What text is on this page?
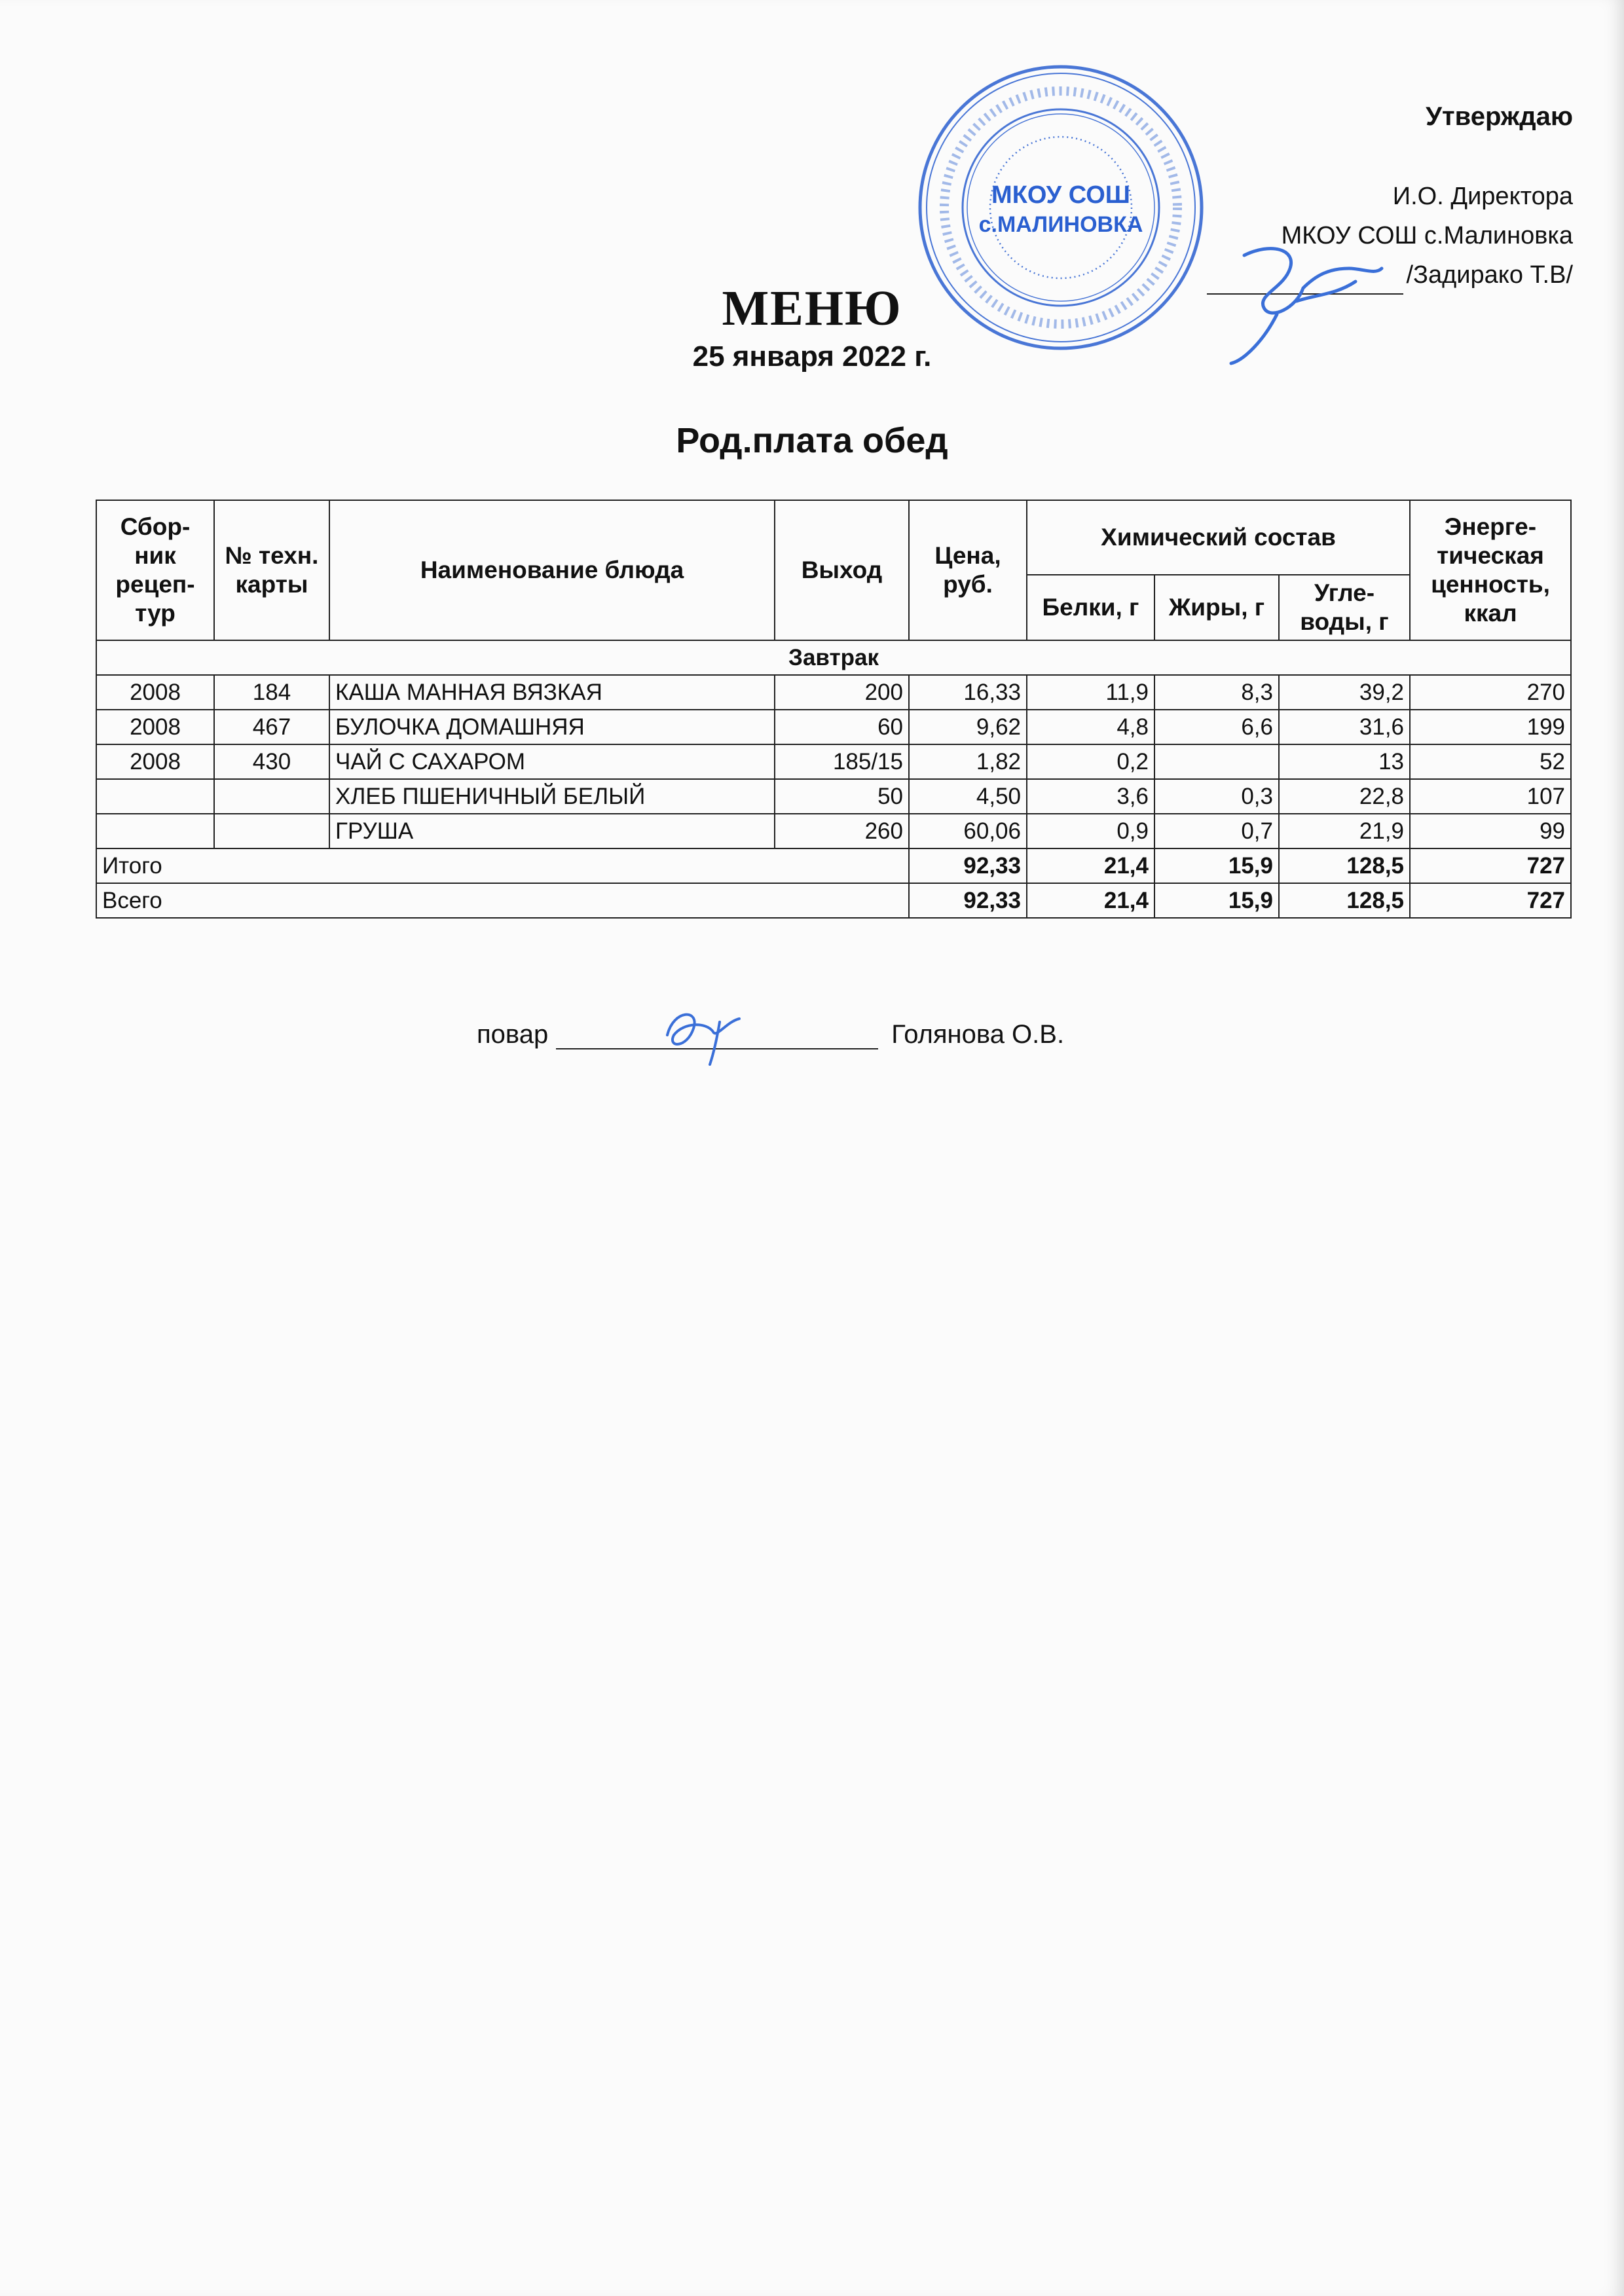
МКОУ СОШ
с.МАЛИНОВКА
Утверждаю
И.О. Директора
МКОУ СОШ с.Малиновка
/Задирако Т.В/
МЕНЮ
25 января 2022 г.
Род.плата обед
Сбор-ник рецеп-тур	№ техн. карты	Наименование блюда	Выход	Цена, руб.	Химический состав			Энерге-тическая ценность, ккал
					Белки, г	Жиры, г	Угле-воды, г	
Завтрак								
2008	184	КАША МАННАЯ ВЯЗКАЯ	200	16,33	11,9	8,3	39,2	270
2008	467	БУЛОЧКА ДОМАШНЯЯ	60	9,62	4,8	6,6	31,6	199
2008	430	ЧАЙ С САХАРОМ	185/15	1,82	0,2		13	52
		ХЛЕБ ПШЕНИЧНЫЙ БЕЛЫЙ	50	4,50	3,6	0,3	22,8	107
		ГРУША	260	60,06	0,9	0,7	21,9	99
Итого				92,33	21,4	15,9	128,5	727
Всего				92,33	21,4	15,9	128,5	727
повар	Голянова О.В.
